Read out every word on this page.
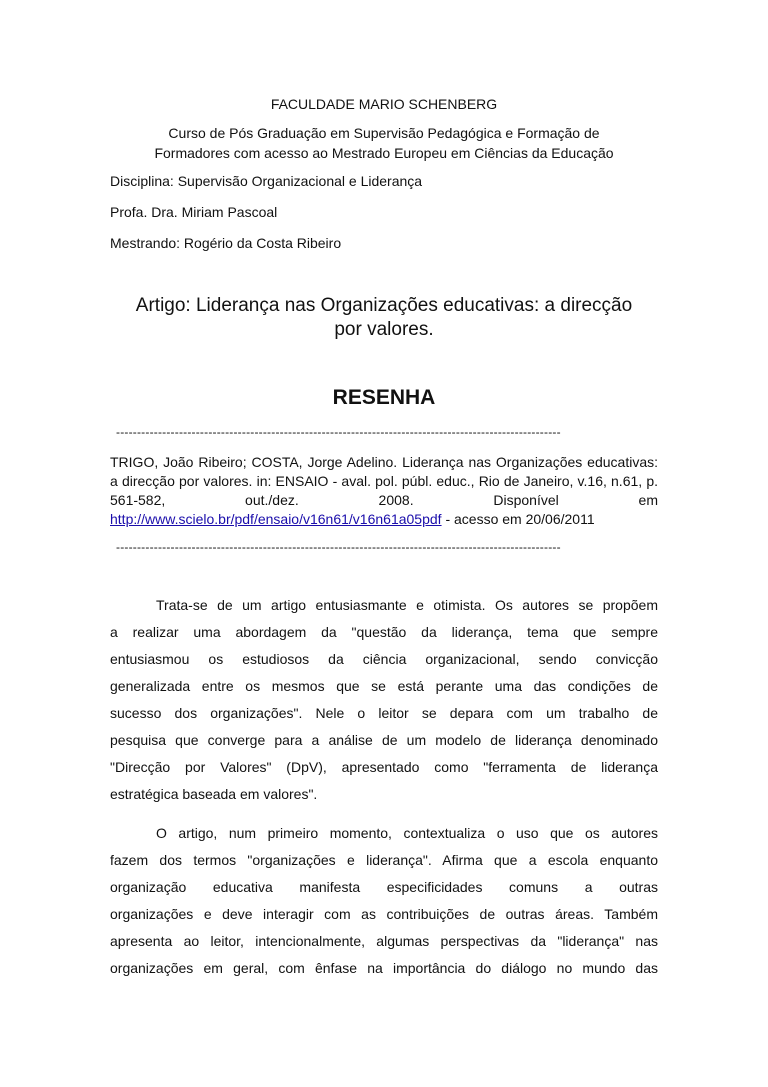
FACULDADE MARIO SCHENBERG
Curso de Pós Graduação em Supervisão Pedagógica e Formação de
Formadores com acesso ao Mestrado Europeu em Ciências da Educação
Disciplina: Supervisão Organizacional e Liderança
Profa. Dra. Miriam Pascoal
Mestrando: Rogério da Costa Ribeiro
Artigo: Liderança nas Organizações educativas: a direcção
por valores.
RESENHA
----------------------------------------------------------------------------------------------------------
TRIGO, João Ribeiro; COSTA, Jorge Adelino. Liderança nas Organizações educativas: a direcção por valores. in: ENSAIO - aval. pol. públ. educ., Rio de Janeiro, v.16, n.61, p. 561-582, out./dez. 2008. Disponível em http://www.scielo.br/pdf/ensaio/v16n61/v16n61a05pdf - acesso em 20/06/2011
----------------------------------------------------------------------------------------------------------
Trata-se de um artigo entusiasmante e otimista. Os autores se propõem
a realizar uma abordagem da "questão da liderança, tema que sempre
entusiasmou os estudiosos da ciência organizacional, sendo convicção
generalizada entre os mesmos que se está perante uma das condições de
sucesso dos organizações". Nele o leitor se depara com um trabalho de
pesquisa que converge para a análise de um modelo de liderança denominado
"Direcção por Valores" (DpV), apresentado como "ferramenta de liderança
estratégica baseada em valores".
O artigo, num primeiro momento, contextualiza o uso que os autores
fazem dos termos "organizações e liderança". Afirma que a escola enquanto
organização educativa manifesta especificidades comuns a outras
organizações e deve interagir com as contribuições de outras áreas. Também
apresenta ao leitor, intencionalmente, algumas perspectivas da "liderança" nas
organizações em geral, com ênfase na importância do diálogo no mundo das
